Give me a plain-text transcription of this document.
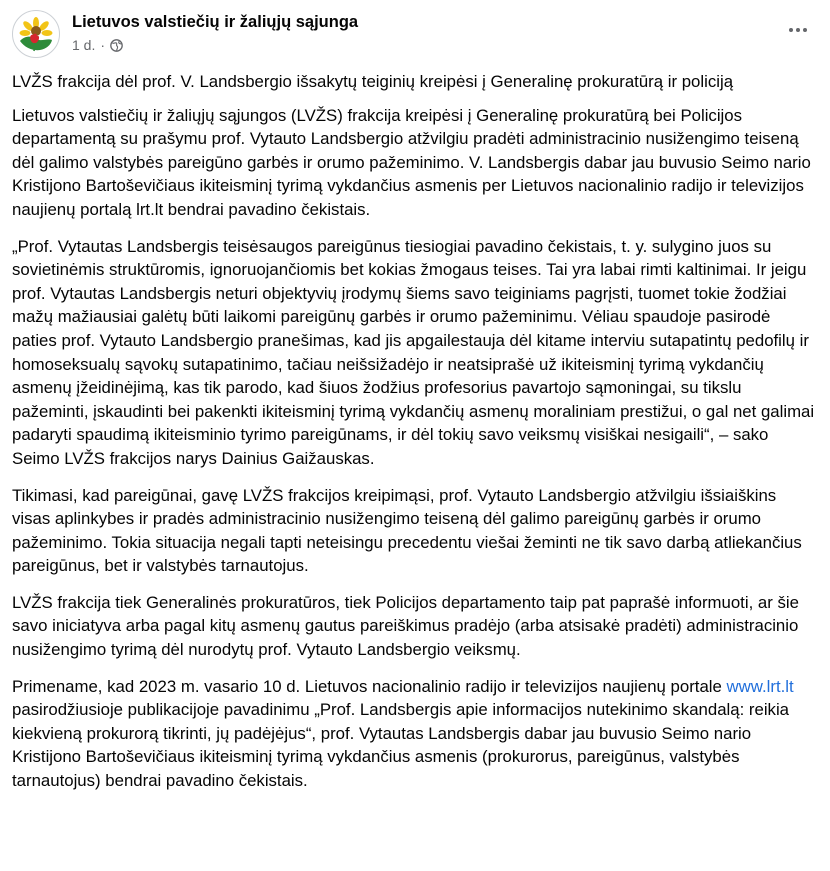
Lietuvos valstiečių ir žaliųjų sąjunga
1 d. ·

LVŽS frakcija dėl prof. V. Landsbergio išsakytų teiginių kreipėsi į Generalinę prokuratūrą ir policiją

Lietuvos valstiečių ir žaliųjų sąjungos (LVŽS) frakcija kreipėsi į Generalinę prokuratūrą bei Policijos departamentą su prašymu prof. Vytauto Landsbergio atžvilgiu pradėti administracinio nusižengimo teiseną dėl galimo valstybės pareigūno garbės ir orumo pažeminimo. V. Landsbergis dabar jau buvusio Seimo nario Kristijono Bartoševičiaus ikiteisminį tyrimą vykdančius asmenis per Lietuvos nacionalinio radijo ir televizijos naujienų portalą lrt.lt bendrai pavadino čekistais.

„Prof. Vytautas Landsbergis teisėsaugos pareigūnus tiesiogiai pavadino čekistais, t. y. sulygino juos su sovietinėmis struktūromis, ignoruojančiomis bet kokias žmogaus teises. Tai yra labai rimti kaltinimai. Ir jeigu prof. Vytautas Landsbergis neturi objektyvių įrodymų šiems savo teiginiams pagrįsti, tuomet tokie žodžiai mažų mažiausiai galėtų būti laikomi pareigūnų garbės ir orumo pažeminimu. Vėliau spaudoje pasirodė paties prof. Vytauto Landsbergio pranešimas, kad jis apgailestauja dėl kitame interviu sutapatintų pedofilų ir homoseksualų sąvokų sutapatinimo, tačiau neišsižadėjo ir neatsiprašė už ikiteisminį tyrimą vykdančių asmenų įžeidinėjimą, kas tik parodo, kad šiuos žodžius profesorius pavartojo sąmoningai, su tikslu pažeminti, įskaudinti bei pakenkti ikiteisminį tyrimą vykdančių asmenų moraliniam prestižui, o gal net galimai padaryti spaudimą ikiteisminio tyrimo pareigūnams, ir dėl tokių savo veiksmų visiškai nesigaili“, – sako Seimo LVŽS frakcijos narys Dainius Gaižauskas.

Tikimasi, kad pareigūnai, gavę LVŽS frakcijos kreipimąsi, prof. Vytauto Landsbergio atžvilgiu išsiaiškins visas aplinkybes ir pradės administracinio nusižengimo teiseną dėl galimo pareigūnų garbės ir orumo pažeminimo. Tokia situacija negali tapti neteisingu precedentu viešai žeminti ne tik savo darbą atliekančius pareigūnus, bet ir valstybės tarnautojus.

LVŽS frakcija tiek Generalinės prokuratūros, tiek Policijos departamento taip pat paprašė informuoti, ar šie savo iniciatyva arba pagal kitų asmenų gautus pareiškimus pradėjo (arba atsisakė pradėti) administracinio nusižengimo tyrimą dėl nurodytų prof. Vytauto Landsbergio veiksmų.

Primename, kad 2023 m. vasario 10 d. Lietuvos nacionalinio radijo ir televizijos naujienų portale www.lrt.lt pasirodžiusioje publikacijoje pavadinimu „Prof. Landsbergis apie informacijos nutekinimo skandalą: reikia kiekvieną prokurorą tikrinti, jų padėjėjus“, prof. Vytautas Landsbergis dabar jau buvusio Seimo nario Kristijono Bartoševičiaus ikiteisminį tyrimą vykdančius asmenis (prokurorus, pareigūnus, valstybės tarnautojus) bendrai pavadino čekistais.
